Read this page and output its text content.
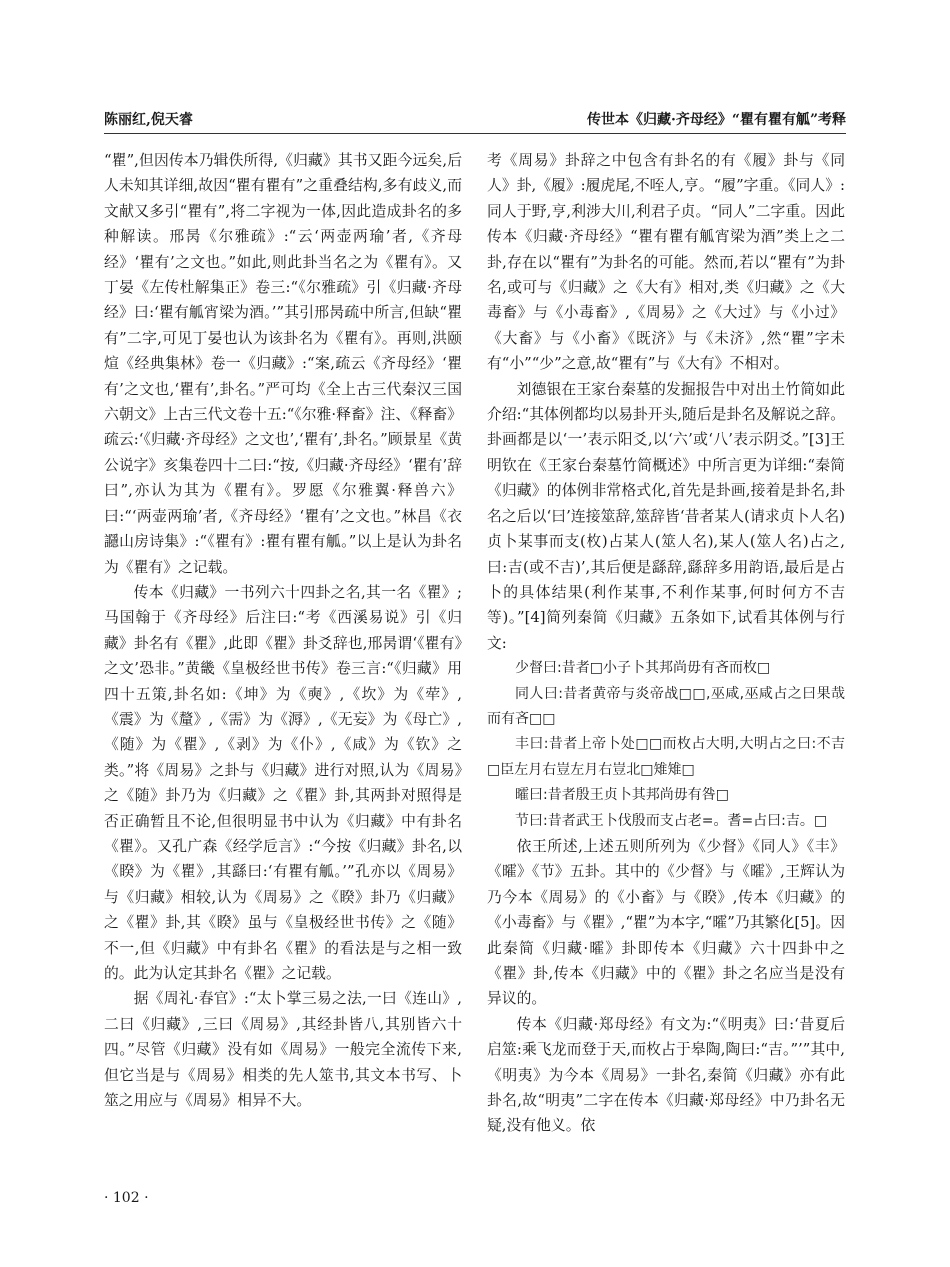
陈丽红,倪天睿	传世本《归藏·齐母经》“瞿有瞿有觚”考释

“瞿”,但因传本乃辑佚所得,《归藏》其书又距今远矣,后人未知其详细,故因“瞿有瞿有”之重叠结构,多有歧义,而文献又多引“瞿有”,将二字视为一体,因此造成卦名的多种解读。邢昺《尔雅疏》:“云‘两壶两瑜’者,《齐母经》‘瞿有’之文也。”如此,则此卦当名之为《瞿有》。又丁晏《左传杜解集正》卷三:“《尔雅疏》引《归藏·齐母经》曰:‘瞿有觚宵梁为酒。’”其引邢昺疏中所言,但缺“瞿有”二字,可见丁晏也认为该卦名为《瞿有》。再则,洪颐煊《经典集林》卷一《归藏》:“案,疏云《齐母经》‘瞿有’之文也,‘瞿有’,卦名。”严可均《全上古三代秦汉三国六朝文》上古三代文卷十五:“《尔雅·释畜》注、《释畜》疏云:‘《归藏·齐母经》之文也’,‘瞿有’,卦名。”顾景星《黄公说字》亥集卷四十二曰:“按,《归藏·齐母经》‘瞿有’辞曰”,亦认为其为《瞿有》。罗愿《尔雅翼·释兽六》曰:“‘两壶两瑜’者,《齐母经》‘瞿有’之文也。”林昌《衣讔山房诗集》:“《瞿有》:瞿有瞿有觚。”以上是认为卦名为《瞿有》之记载。

传本《归藏》一书列六十四卦之名,其一名《瞿》;马国翰于《齐母经》后注曰:“考《西溪易说》引《归藏》卦名有《瞿》,此即《瞿》卦爻辞也,邢昺谓‘《瞿有》之文’恐非。”黄畿《皇极经世书传》卷三言:“《归藏》用四十五策,卦名如:《坤》为《奭》,《坎》为《荦》,《震》为《釐》,《需》为《溽》,《无妄》为《母亡》,《随》为《瞿》,《剥》为《仆》,《咸》为《钦》之类。”将《周易》之卦与《归藏》进行对照,认为《周易》之《随》卦乃为《归藏》之《瞿》卦,其两卦对照得是否正确暂且不论,但很明显书中认为《归藏》中有卦名《瞿》。又孔广森《经学卮言》:“今按《归藏》卦名,以《睽》为《瞿》,其繇曰:‘有瞿有觚。’”孔亦以《周易》与《归藏》相较,认为《周易》之《睽》卦乃《归藏》之《瞿》卦,其《睽》虽与《皇极经世书传》之《随》不一,但《归藏》中有卦名《瞿》的看法是与之相一致的。此为认定其卦名《瞿》之记载。

据《周礼·春官》:“太卜掌三易之法,一曰《连山》,二曰《归藏》,三曰《周易》,其经卦皆八,其别皆六十四。”尽管《归藏》没有如《周易》一般完全流传下来,但它当是与《周易》相类的先人筮书,其文本书写、卜筮之用应与《周易》相异不大。

考《周易》卦辞之中包含有卦名的有《履》卦与《同人》卦,《履》:履虎尾,不咥人,亨。“履”字重。《同人》:同人于野,亨,利涉大川,利君子贞。“同人”二字重。因此传本《归藏·齐母经》“瞿有瞿有觚宵梁为酒”类上之二卦,存在以“瞿有”为卦名的可能。然而,若以“瞿有”为卦名,或可与《归藏》之《大有》相对,类《归藏》之《大毒畜》与《小毒畜》,《周易》之《大过》与《小过》《大畜》与《小畜》《既济》与《未济》,然“瞿”字未有“小”“少”之意,故“瞿有”与《大有》不相对。

刘德银在王家台秦墓的发掘报告中对出土竹简如此介绍:“其体例都均以易卦开头,随后是卦名及解说之辞。卦画都是以‘一’表示阳爻,以‘六’或‘八’表示阴爻。”[3]王明钦在《王家台秦墓竹简概述》中所言更为详细:“秦简《归藏》的体例非常格式化,首先是卦画,接着是卦名,卦名之后以‘曰’连接筮辞,筮辞皆‘昔者某人(请求贞卜人名)贞卜某事而支(枚)占某人(筮人名),某人(筮人名)占之,曰:吉(或不吉)’,其后便是繇辞,繇辞多用韵语,最后是占卜的具体结果(利作某事,不利作某事,何时何方不吉等)。”[4]简列秦简《归藏》五条如下,试看其体例与行文:

少督曰:昔者□小子卜其邦尚毋有吝而枚□

同人曰:昔者黄帝与炎帝战□□,巫咸,巫咸占之曰果哉而有吝□□

丰曰:昔者上帝卜处□□而枚占大明,大明占之曰:不吉□臣左月右豈左月右豈北□雉雉□

曤曰:昔者殷王贞卜其邦尚毋有咎□

节曰:昔者武王卜伐殷而支占老=。耆=占曰:吉。□

依王所述,上述五则所列为《少督》《同人》《丰》《曤》《节》五卦。其中的《少督》与《曤》,王辉认为乃今本《周易》的《小畜》与《睽》,传本《归藏》的《小毒畜》与《瞿》,“瞿”为本字,“曤”乃其繁化[5]。因此秦简《归藏·曤》卦即传本《归藏》六十四卦中之《瞿》卦,传本《归藏》中的《瞿》卦之名应当是没有异议的。

传本《归藏·郑母经》有文为:“《明夷》曰:‘昔夏后启筮:乘飞龙而登于天,而枚占于皋陶,陶曰:“吉。”’”其中,《明夷》为今本《周易》一卦名,秦简《归藏》亦有此卦名,故“明夷”二字在传本《归藏·郑母经》中乃卦名无疑,没有他义。依

· 102 ·
